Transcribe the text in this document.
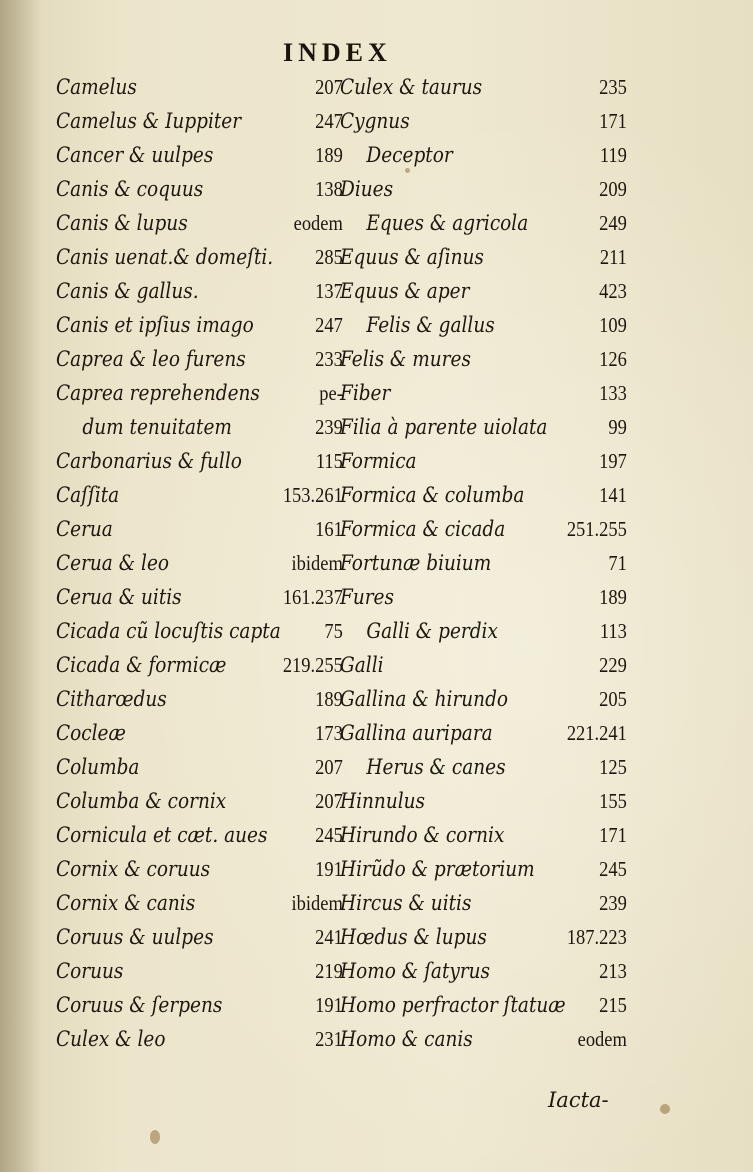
INDEX
Camelus	207
Camelus & Iuppiter	247
Cancer & uulpes	189
Canis & coquus	138
Canis & lupus	eodem
Canis uenat.& domeſti. 285
Canis & gallus.	137
Canis et ipſius imago	247
Caprea & leo furens	233
Caprea reprehendens	pe-
dum tenuitatem	239
Carbonarius & fullo	115
Caſſita	153.261
Cerua	161
Cerua & leo	ibidem
Cerua & uitis	161.237
Cicada cũ locuſtis capta 75
Cicada & formicæ	219.255
Citharœdus	189
Cocleæ	173
Columba	207
Columba & cornix	207
Cornicula et cæt. aues 245
Cornix & coruus	191
Cornix & canis	ibidem
Coruus & uulpes	241
Coruus	219
Coruus & ſerpens	191
Culex & leo	231
Culex & taurus	235
Cygnus	171
Deceptor	119
Diues	209
Eques & agricola	249
Equus & aſinus	211
Equus & aper	423
Felis & gallus	109
Felis & mures	126
Fiber	133
Filia à parente uiolata	99
Formica	197
Formica & columba	141
Formica & cicada	251.255
Fortunæ biuium	71
Fures	189
Galli & perdix	113
Galli	229
Gallina & hirundo	205
Gallina auripara	221.241
Herus & canes	125
Hinnulus	155
Hirundo & cornix	171
Hirũdo & prætorium	245
Hircus & uitis	239
Hœdus & lupus	187.223
Homo & ſatyrus	213
Homo perfractor ſtatuæ 215
Homo & canis	eodem
Iacta-
